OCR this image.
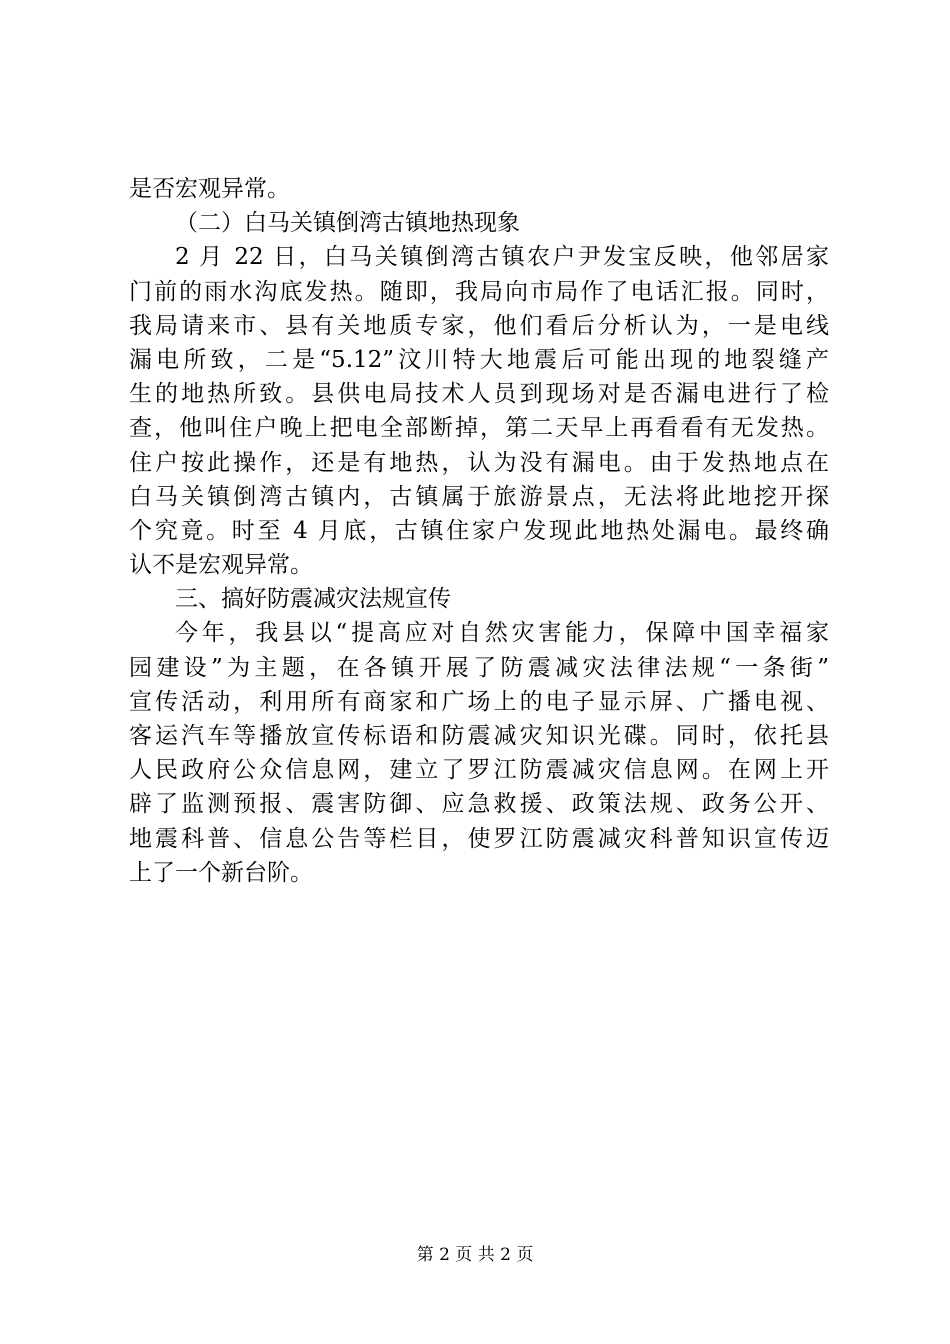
是否宏观异常。
（二）白马关镇倒湾古镇地热现象
2 月 22 日，白马关镇倒湾古镇农户尹发宝反映，他邻居家
门前的雨水沟底发热。随即，我局向市局作了电话汇报。同时，
我局请来市、县有关地质专家，他们看后分析认为，一是电线
漏电所致，二是“5.12”汶川特大地震后可能出现的地裂缝产
生的地热所致。县供电局技术人员到现场对是否漏电进行了检
查，他叫住户晚上把电全部断掉，第二天早上再看看有无发热。
住户按此操作，还是有地热，认为没有漏电。由于发热地点在
白马关镇倒湾古镇内，古镇属于旅游景点，无法将此地挖开探
个究竟。时至 4 月底，古镇住家户发现此地热处漏电。最终确
认不是宏观异常。
三、搞好防震减灾法规宣传
今年，我县以“提高应对自然灾害能力，保障中国幸福家
园建设”为主题，在各镇开展了防震减灾法律法规“一条街”
宣传活动，利用所有商家和广场上的电子显示屏、广播电视、
客运汽车等播放宣传标语和防震减灾知识光碟。同时，依托县
人民政府公众信息网，建立了罗江防震减灾信息网。在网上开
辟了监测预报、震害防御、应急救援、政策法规、政务公开、
地震科普、信息公告等栏目，使罗江防震减灾科普知识宣传迈
上了一个新台阶。
第 2 页 共 2 页
